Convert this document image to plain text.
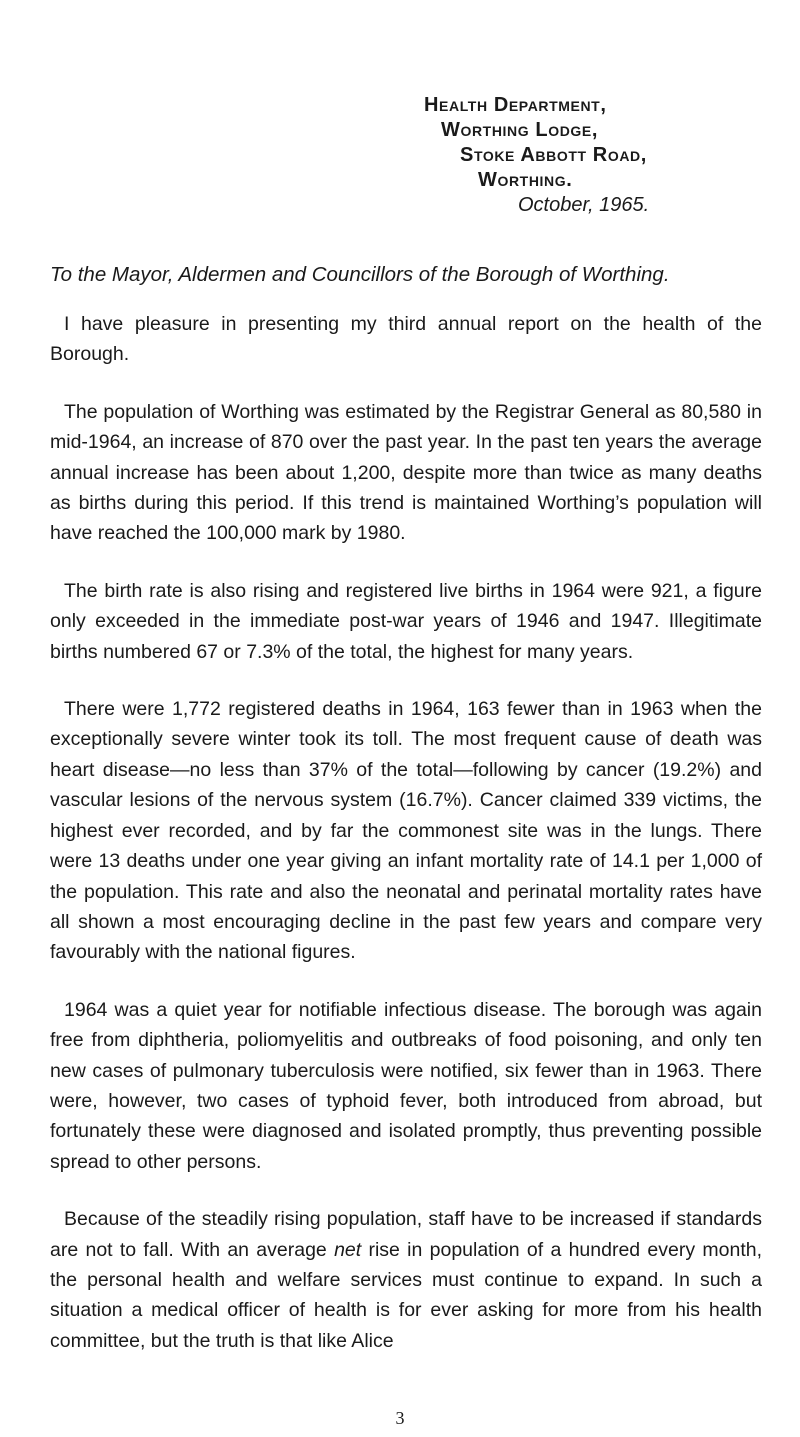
Health Department,
Worthing Lodge,
Stoke Abbott Road,
Worthing.
October, 1965.
To the Mayor, Aldermen and Councillors of the Borough of Worthing.

I have pleasure in presenting my third annual report on the health of the Borough.

The population of Worthing was estimated by the Registrar General as 80,580 in mid-1964, an increase of 870 over the past year. In the past ten years the average annual increase has been about 1,200, despite more than twice as many deaths as births during this period. If this trend is maintained Worthing’s population will have reached the 100,000 mark by 1980.

The birth rate is also rising and registered live births in 1964 were 921, a figure only exceeded in the immediate post-war years of 1946 and 1947. Illegitimate births numbered 67 or 7.3% of the total, the highest for many years.

There were 1,772 registered deaths in 1964, 163 fewer than in 1963 when the exceptionally severe winter took its toll. The most frequent cause of death was heart disease—no less than 37% of the total—following by cancer (19.2%) and vascular lesions of the nervous system (16.7%). Cancer claimed 339 victims, the highest ever recorded, and by far the commonest site was in the lungs. There were 13 deaths under one year giving an infant mortality rate of 14.1 per 1,000 of the population. This rate and also the neonatal and perinatal mortality rates have all shown a most encouraging decline in the past few years and compare very favourably with the national figures.

1964 was a quiet year for notifiable infectious disease. The borough was again free from diphtheria, poliomyelitis and outbreaks of food poisoning, and only ten new cases of pulmonary tuberculosis were notified, six fewer than in 1963. There were, however, two cases of typhoid fever, both introduced from abroad, but fortunately these were diagnosed and isolated promptly, thus preventing possible spread to other persons.

Because of the steadily rising population, staff have to be increased if standards are not to fall. With an average net rise in population of a hundred every month, the personal health and welfare services must continue to expand. In such a situation a medical officer of health is for ever asking for more from his health committee, but the truth is that like Alice

3
